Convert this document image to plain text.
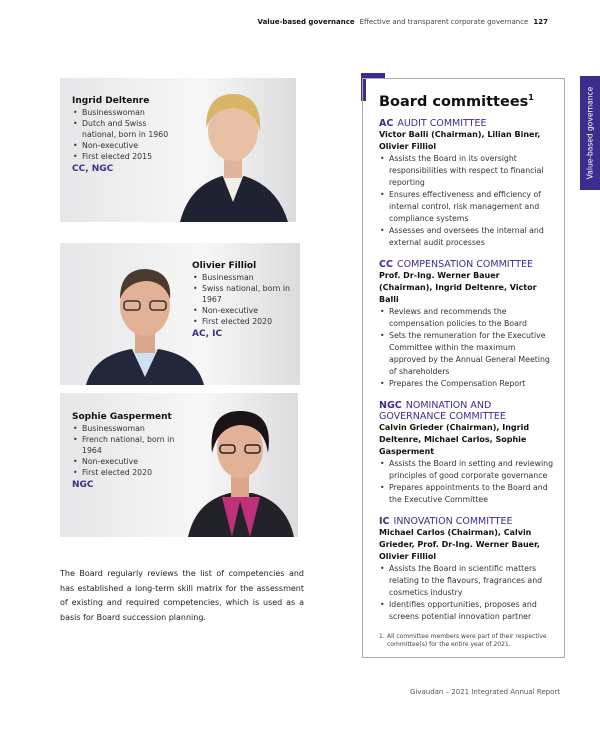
Value-based governance Effective and transparent corporate governance 127
Value-based governance
Ingrid Deltenre
• Businesswoman
• Dutch and Swiss national, born in 1960
• Non-executive
• First elected 2015
CC, NGC
Olivier Filliol
• Businessman
• Swiss national, born in 1967
• Non-executive
• First elected 2020
AC, IC
Sophie Gasperment
• Businesswoman
• French national, born in 1964
• Non-executive
• First elected 2020
NGC
The Board regularly reviews the list of competencies and has established a long-term skill matrix for the assessment of existing and required competencies, which is used as a basis for Board succession planning.
Board committees$^1$
AC AUDIT COMMITTEE
Victor Balli (Chairman), Lilian Biner, Olivier Filliol
• Assists the Board in its oversight responsibilities with respect to financial reporting
• Ensures effectiveness and efficiency of internal control, risk management and compliance systems
• Assesses and oversees the internal and external audit processes
CC COMPENSATION COMMITTEE
Prof. Dr-Ing. Werner Bauer (Chairman), Ingrid Deltenre, Victor Balli
• Reviews and recommends the compensation policies to the Board
• Sets the remuneration for the Executive Committee within the maximum approved by the Annual General Meeting of shareholders
• Prepares the Compensation Report
NGC NOMINATION AND GOVERNANCE COMMITTEE
Calvin Grieder (Chairman), Ingrid Deltenre, Michael Carlos, Sophie Gasperment
• Assists the Board in setting and reviewing principles of good corporate governance
• Prepares appointments to the Board and the Executive Committee
IC INNOVATION COMMITTEE
Michael Carlos (Chairman), Calvin Grieder, Prof. Dr-Ing. Werner Bauer, Olivier Filliol
• Assists the Board in scientific matters relating to the flavours, fragrances and cosmetics industry
• Identifies opportunities, proposes and screens potential innovation partner
1. All committee members were part of their respective committee(s) for the entire year of 2021.
Givaudan – 2021 Integrated Annual Report
